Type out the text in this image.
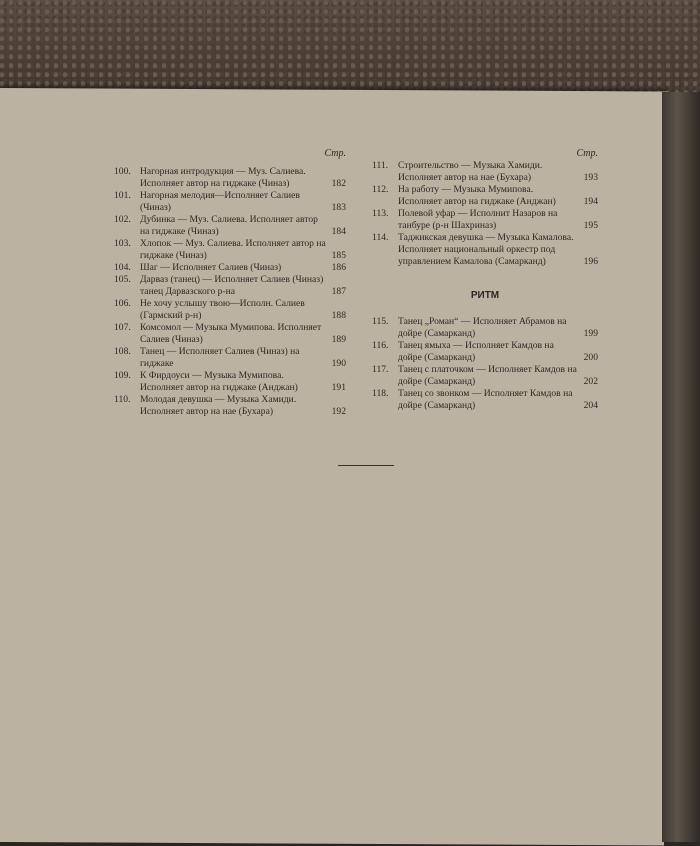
Стр.
100. Нагорная интродукция — Муз. Салиева. Исполняет автор на гиджаке (Чиназ)	182
101. Нагорная мелодия—Исполняет Салиев (Чиназ)	183
102. Дубинка — Муз. Салиева. Исполняет автор на гиджаке (Чиназ)	184
103. Хлопок — Муз. Салиева. Исполняет автор на гиджаке (Чиназ)	185
104. Шаг — Исполняет Салиев (Чиназ)	186
105. Дарваз (танец) — Исполняет Салиев (Чиназ) танец Дарвазского р-на	187
106. Не хочу услышу твою—Исполн. Салиев (Гармский р-н)	188
107. Комсомол — Музыка Мумипова. Исполняет Салиев (Чиназ)	189
108. Танец — Исполняет Салиев (Чиназ) на гиджаке	190
109. К Фирдоуси — Музыка Мумипова. Исполняет автор на гиджаке (Анджан)	191
110. Молодая девушка — Музыка Хамиди. Исполняет автор на нае (Бухара)	192
Стр.
111. Строительство — Музыка Хамиди. Исполняет автор на нае (Бухара)	193
112. На работу — Музыка Мумипова. Исполняет автор на гиджаке (Анджан)	194
113. Полевой уфар — Исполнит Назаров на танбуре (р-н Шахриназ)	195
114. Таджикская девушка — Музыка Камалова. Исполняет национальный оркестр под управлением Камалова (Самарканд)	196
РИТМ
115. Танец „Роман“ — Исполняет Абрамов на дойре (Самарканд)	199
116. Танец ямыха — Исполняет Камдов на дойре (Самарканд)	200
117. Танец с платочком — Исполняет Камдов на дойре (Самарканд)	202
118. Танец со звонком — Исполняет Камдов на дойре (Самарканд)	204
